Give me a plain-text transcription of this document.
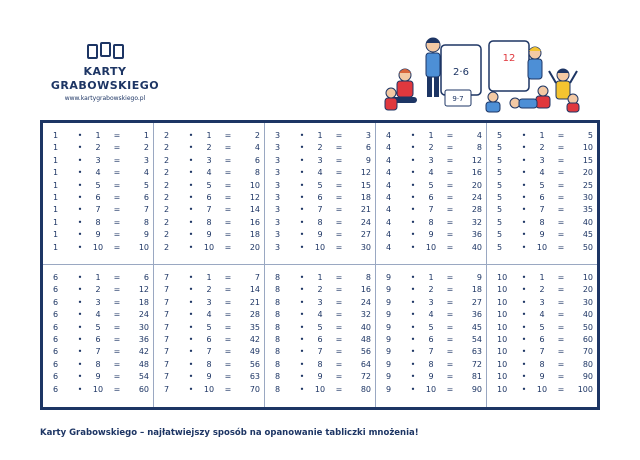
KARTY
GRABOWSKIEGO
www.kartygrabowskiego.pl
2·6
12
9·7
1	•	1	=	1
1	•	2	=	2
1	•	3	=	3
1	•	4	=	4
1	•	5	=	5
1	•	6	=	6
1	•	7	=	7
1	•	8	=	8
1	•	9	=	9
1	•	10	=	10
2	•	1	=	2
2	•	2	=	4
2	•	3	=	6
2	•	4	=	8
2	•	5	=	10
2	•	6	=	12
2	•	7	=	14
2	•	8	=	16
2	•	9	=	18
2	•	10	=	20
3	•	1	=	3
3	•	2	=	6
3	•	3	=	9
3	•	4	=	12
3	•	5	=	15
3	•	6	=	18
3	•	7	=	21
3	•	8	=	24
3	•	9	=	27
3	•	10	=	30
4	•	1	=	4
4	•	2	=	8
4	•	3	=	12
4	•	4	=	16
4	•	5	=	20
4	•	6	=	24
4	•	7	=	28
4	•	8	=	32
4	•	9	=	36
4	•	10	=	40
5	•	1	=	5
5	•	2	=	10
5	•	3	=	15
5	•	4	=	20
5	•	5	=	25
5	•	6	=	30
5	•	7	=	35
5	•	8	=	40
5	•	9	=	45
5	•	10	=	50
6	•	1	=	6
6	•	2	=	12
6	•	3	=	18
6	•	4	=	24
6	•	5	=	30
6	•	6	=	36
6	•	7	=	42
6	•	8	=	48
6	•	9	=	54
6	•	10	=	60
7	•	1	=	7
7	•	2	=	14
7	•	3	=	21
7	•	4	=	28
7	•	5	=	35
7	•	6	=	42
7	•	7	=	49
7	•	8	=	56
7	•	9	=	63
7	•	10	=	70
8	•	1	=	8
8	•	2	=	16
8	•	3	=	24
8	•	4	=	32
8	•	5	=	40
8	•	6	=	48
8	•	7	=	56
8	•	8	=	64
8	•	9	=	72
8	•	10	=	80
9	•	1	=	9
9	•	2	=	18
9	•	3	=	27
9	•	4	=	36
9	•	5	=	45
9	•	6	=	54
9	•	7	=	63
9	•	8	=	72
9	•	9	=	81
9	•	10	=	90
10	•	1	=	10
10	•	2	=	20
10	•	3	=	30
10	•	4	=	40
10	•	5	=	50
10	•	6	=	60
10	•	7	=	70
10	•	8	=	80
10	•	9	=	90
10	•	10	=	100
Karty Grabowskiego – najłatwiejszy sposób na opanowanie tabliczki mnożenia!
